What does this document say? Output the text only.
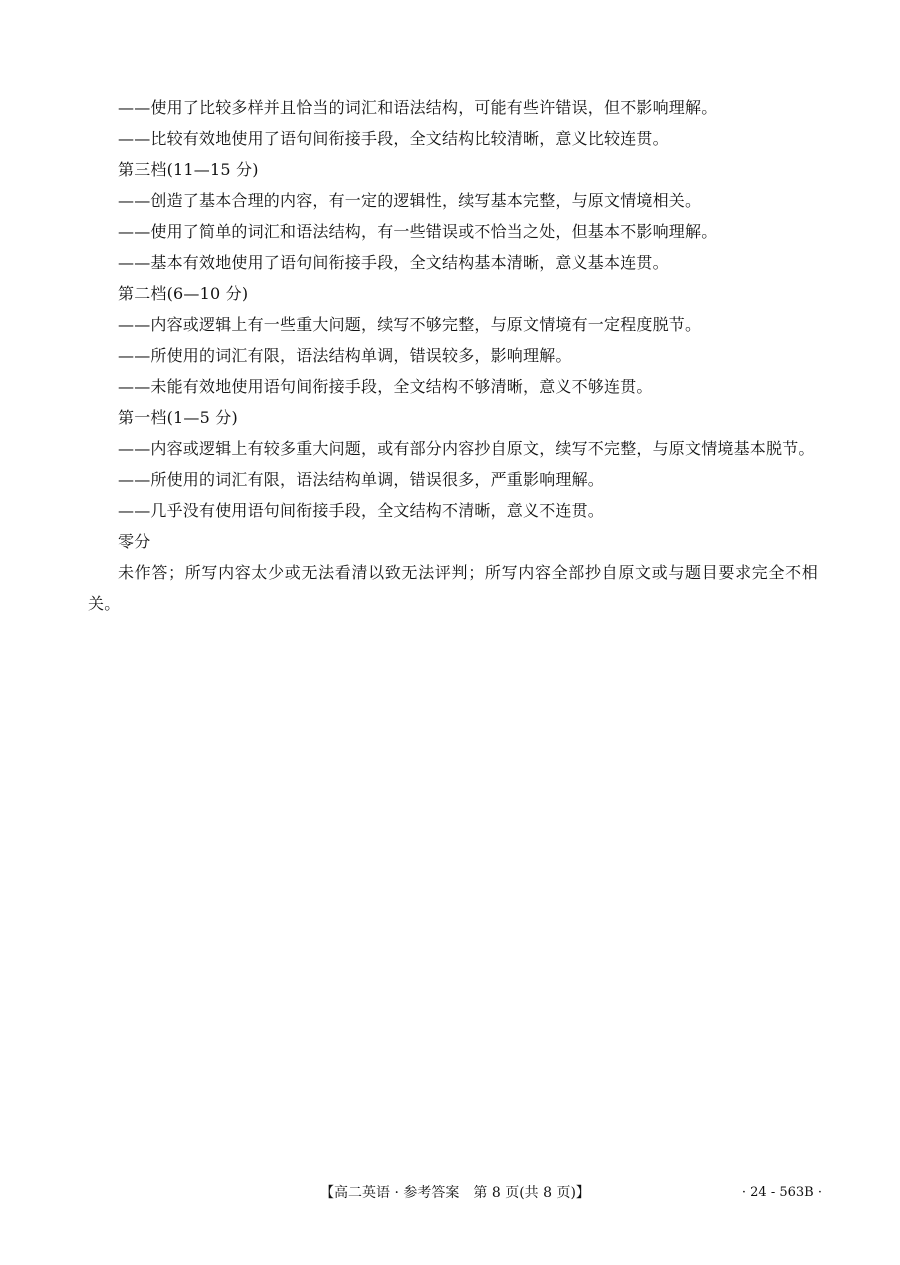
——使用了比较多样并且恰当的词汇和语法结构，可能有些许错误，但不影响理解。

——比较有效地使用了语句间衔接手段，全文结构比较清晰，意义比较连贯。

第三档(11—15 分)

——创造了基本合理的内容，有一定的逻辑性，续写基本完整，与原文情境相关。

——使用了简单的词汇和语法结构，有一些错误或不恰当之处，但基本不影响理解。

——基本有效地使用了语句间衔接手段，全文结构基本清晰，意义基本连贯。

第二档(6—10 分)

——内容或逻辑上有一些重大问题，续写不够完整，与原文情境有一定程度脱节。

——所使用的词汇有限，语法结构单调，错误较多，影响理解。

——未能有效地使用语句间衔接手段，全文结构不够清晰，意义不够连贯。

第一档(1—5 分)

——内容或逻辑上有较多重大问题，或有部分内容抄自原文，续写不完整，与原文情境基本脱节。

——所使用的词汇有限，语法结构单调，错误很多，严重影响理解。

——几乎没有使用语句间衔接手段，全文结构不清晰，意义不连贯。

零分

未作答；所写内容太少或无法看清以致无法评判；所写内容全部抄自原文或与题目要求完全不相关。

【高二英语 · 参考答案　第 8 页(共 8 页)】	· 24 - 563B ·
